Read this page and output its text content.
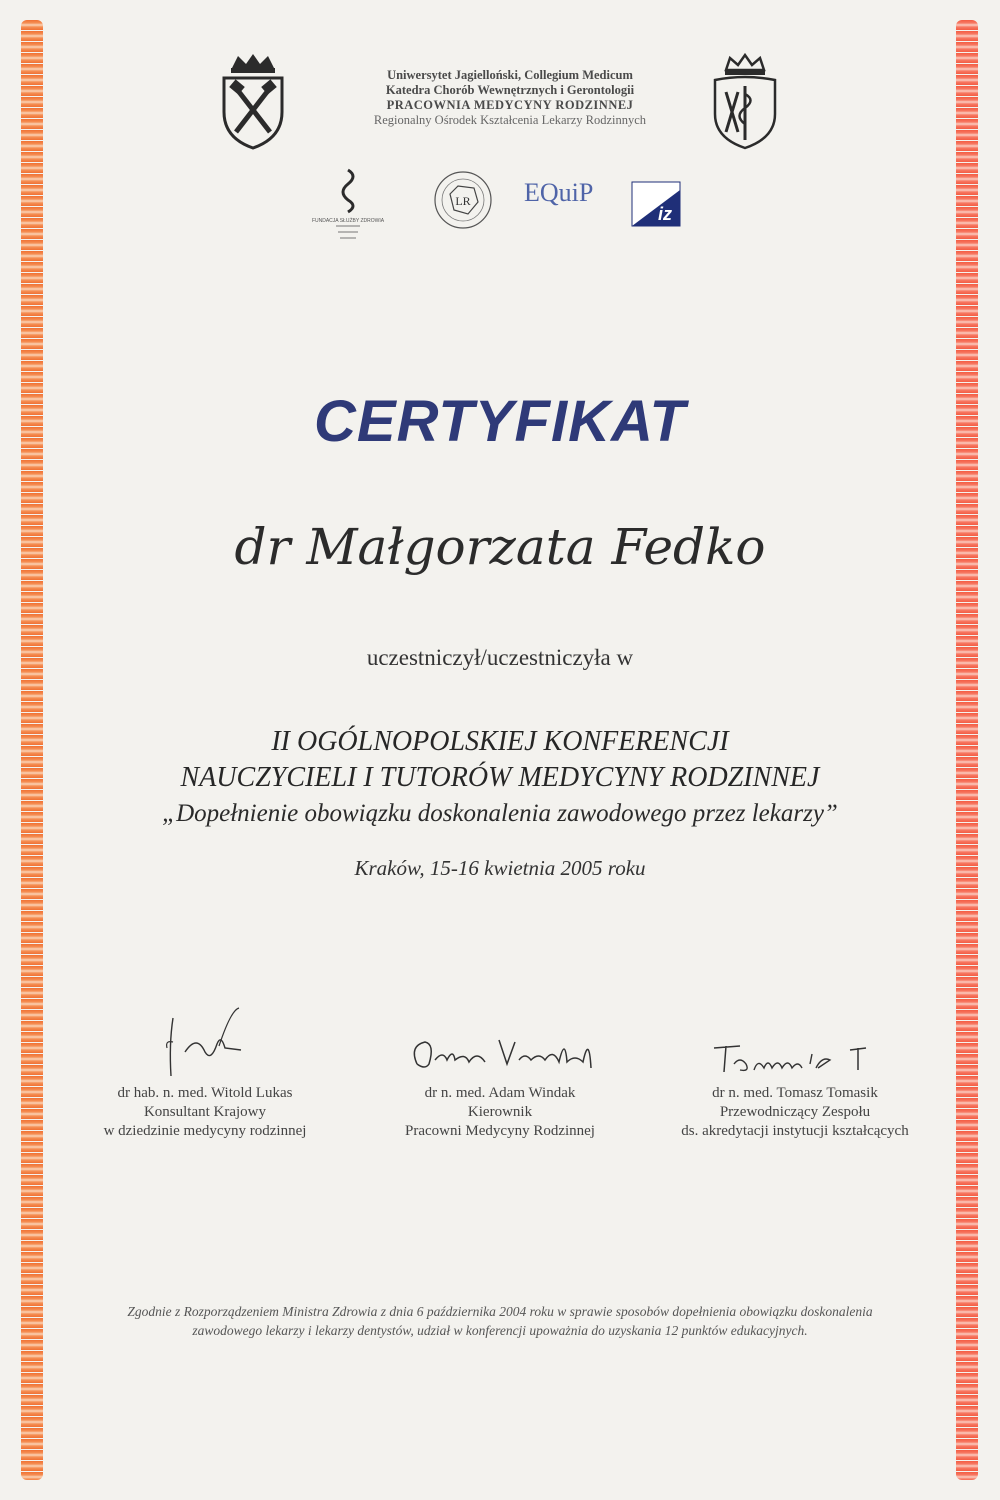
Uniwersytet Jagielloński, Collegium Medicum
Katedra Chorób Wewnętrznych i Gerontologii
PRACOWNIA MEDYCYNY RODZINNEJ
Regionalny Ośrodek Kształcenia Lekarzy Rodzinnych
FUNDACJA SŁUŻBY ZDROWIA
LR EQuiP
iz
CERTYFIKAT
dr Małgorzata Fedko
uczestniczył/uczestniczyła w
II OGÓLNOPOLSKIEJ KONFERENCJI
NAUCZYCIELI I TUTORÓW MEDYCYNY RODZINNEJ
„Dopełnienie obowiązku doskonalenia zawodowego przez lekarzy”
Kraków, 15-16 kwietnia 2005 roku
dr hab. n. med. Witold Lukas
Konsultant Krajowy
w dziedzinie medycyny rodzinnej
dr n. med. Adam Windak
Kierownik
Pracowni Medycyny Rodzinnej
dr n. med. Tomasz Tomasik
Przewodniczący Zespołu
ds. akredytacji instytucji kształcących
Zgodnie z Rozporządzeniem Ministra Zdrowia z dnia 6 października 2004 roku w sprawie sposobów dopełnienia obowiązku doskonalenia
zawodowego lekarzy i lekarzy dentystów, udział w konferencji upoważnia do uzyskania 12 punktów edukacyjnych.
